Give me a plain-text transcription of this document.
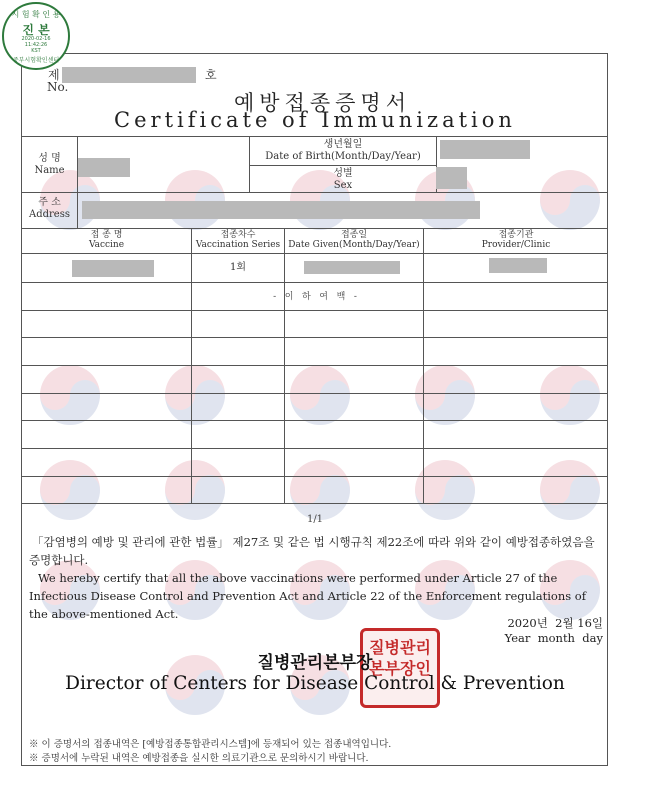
시 험 확 인 용
진 본
2020-02-16
11:42:26
KST
중부시험확인센터
제	호
No.
예방접종증명서
Certificate of Immunization
성 명
Name
생년월일
Date of Birth(Month/Day/Year)
성별
Sex
주 소
Address
접 종 명
Vaccine
접종차수
Vaccination Series
접종일
Date Given(Month/Day/Year)
접종기관
Provider/Clinic
1회
-   이   하   여   백   -
1/1
「감염병의 예방 및 관리에 관한 법률」 제27조 및 같은 법 시행규칙 제22조에 따라 위와 같이 예방접종하였음을 증명합니다.
We hereby certify that all the above vaccinations were performed under Article 27 of the Infectious Disease Control and Prevention Act and Article 22 of the Enforcement regulations of the above-mentioned Act.
2020년  2월 16일
Year  month  day
질병관리본부장인
질병관리본부장
Director of Centers for Disease Control & Prevention
※ 이 증명서의 접종내역은 [예방접종통합관리시스템]에 등재되어 있는 접종내역입니다.
※ 증명서에 누락된 내역은 예방접종을 실시한 의료기관으로 문의하시기 바랍니다.
